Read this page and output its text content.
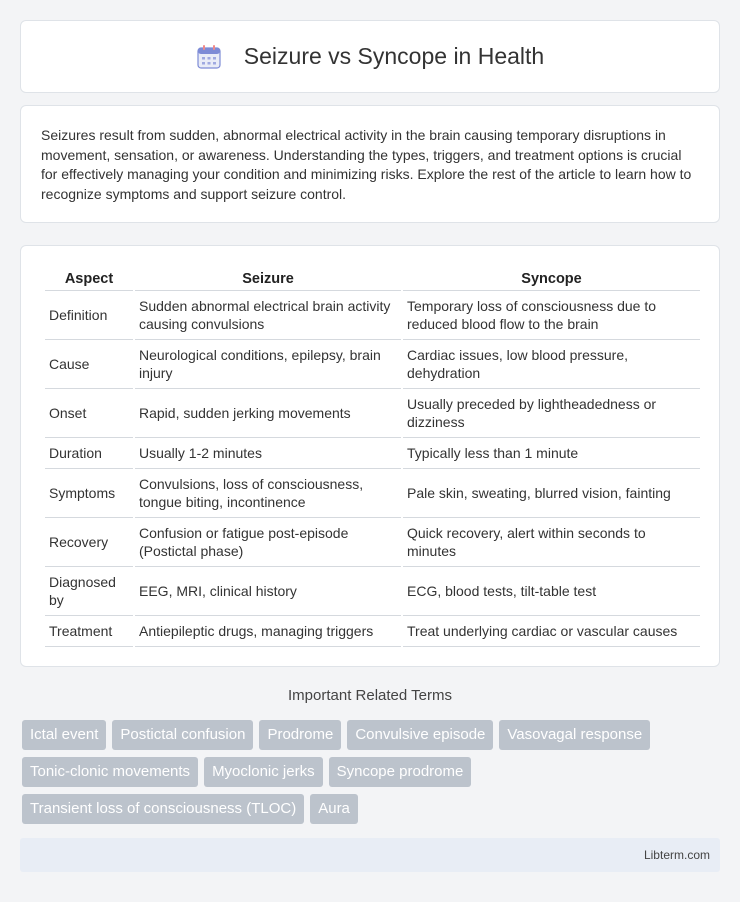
Seizure vs Syncope in Health

Seizures result from sudden, abnormal electrical activity in the brain causing temporary disruptions in movement, sensation, or awareness. Understanding the types, triggers, and treatment options is crucial for effectively managing your condition and minimizing risks. Explore the rest of the article to learn how to recognize symptoms and support seizure control.

Aspect	Seizure	Syncope
Definition	Sudden abnormal electrical brain activity causing convulsions	Temporary loss of consciousness due to reduced blood flow to the brain
Cause	Neurological conditions, epilepsy, brain injury	Cardiac issues, low blood pressure, dehydration
Onset	Rapid, sudden jerking movements	Usually preceded by lightheadedness or dizziness
Duration	Usually 1-2 minutes	Typically less than 1 minute
Symptoms	Convulsions, loss of consciousness, tongue biting, incontinence	Pale skin, sweating, blurred vision, fainting
Recovery	Confusion or fatigue post-episode (Postictal phase)	Quick recovery, alert within seconds to minutes
Diagnosed by	EEG, MRI, clinical history	ECG, blood tests, tilt-table test
Treatment	Antiepileptic drugs, managing triggers	Treat underlying cardiac or vascular causes
Important Related Terms
Ictal event	Postictal confusion	Prodrome	Convulsive episode	Vasovagal response
Tonic-clonic movements	Myoclonic jerks	Syncope prodrome
Transient loss of consciousness (TLOC)	Aura
Libterm.com
